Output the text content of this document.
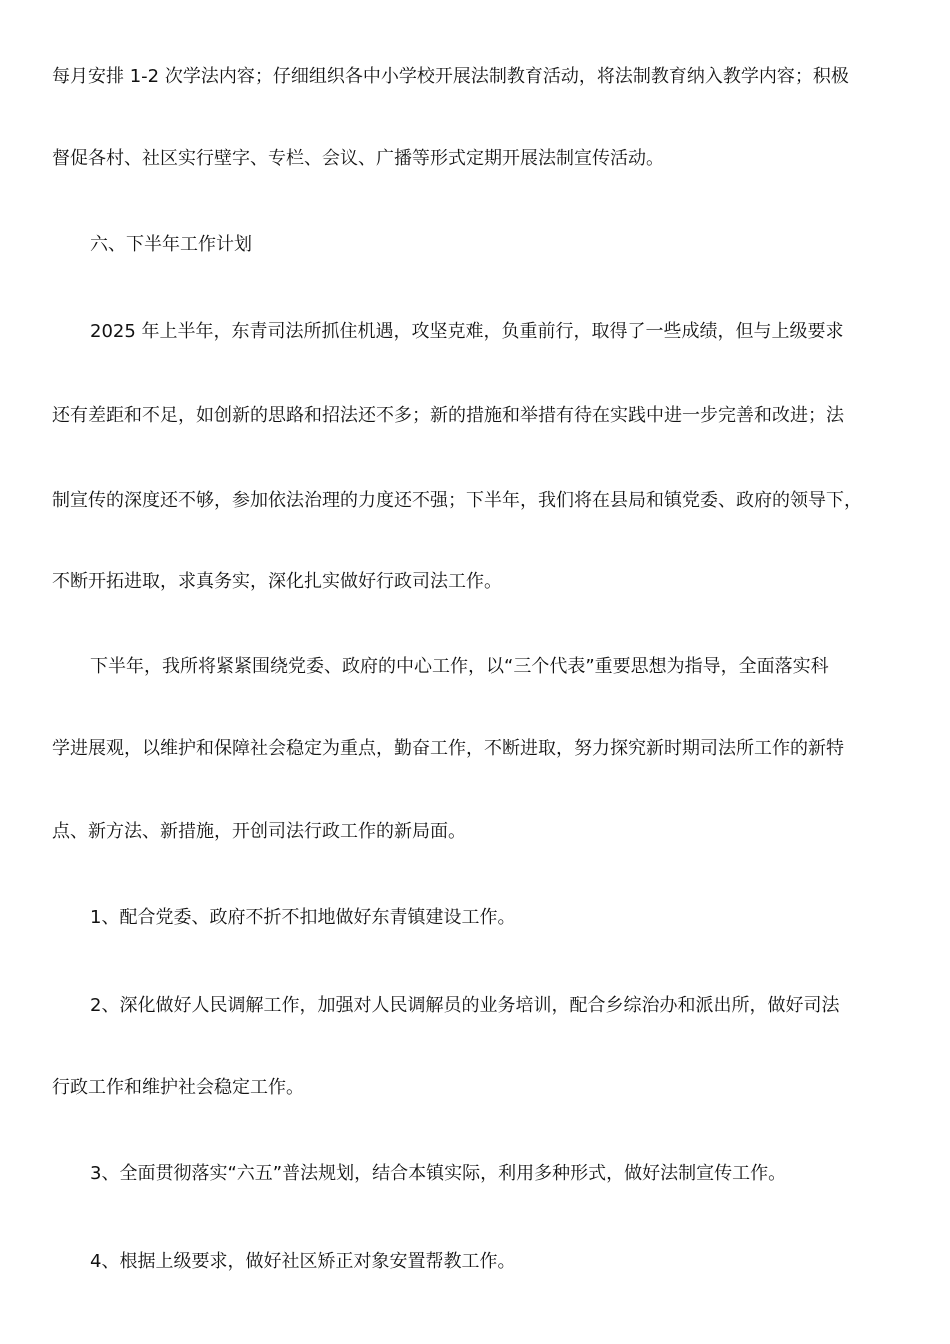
每月安排 1-2 次学法内容；仔细组织各中小学校开展法制教育活动，将法制教育纳入教学内容；积极
督促各村、社区实行壁字、专栏、会议、广播等形式定期开展法制宣传活动。
六、下半年工作计划
2025 年上半年，东青司法所抓住机遇，攻坚克难，负重前行，取得了一些成绩，但与上级要求
还有差距和不足，如创新的思路和招法还不多；新的措施和举措有待在实践中进一步完善和改进；法
制宣传的深度还不够，参加依法治理的力度还不强；下半年，我们将在县局和镇党委、政府的领导下，
不断开拓进取，求真务实，深化扎实做好行政司法工作。
下半年，我所将紧紧围绕党委、政府的中心工作，以“三个代表”重要思想为指导，全面落实科
学进展观，以维护和保障社会稳定为重点，勤奋工作，不断进取，努力探究新时期司法所工作的新特
点、新方法、新措施，开创司法行政工作的新局面。
1、配合党委、政府不折不扣地做好东青镇建设工作。
2、深化做好人民调解工作，加强对人民调解员的业务培训，配合乡综治办和派出所，做好司法
行政工作和维护社会稳定工作。
3、全面贯彻落实“六五”普法规划，结合本镇实际，利用多种形式，做好法制宣传工作。
4、根据上级要求，做好社区矫正对象安置帮教工作。
